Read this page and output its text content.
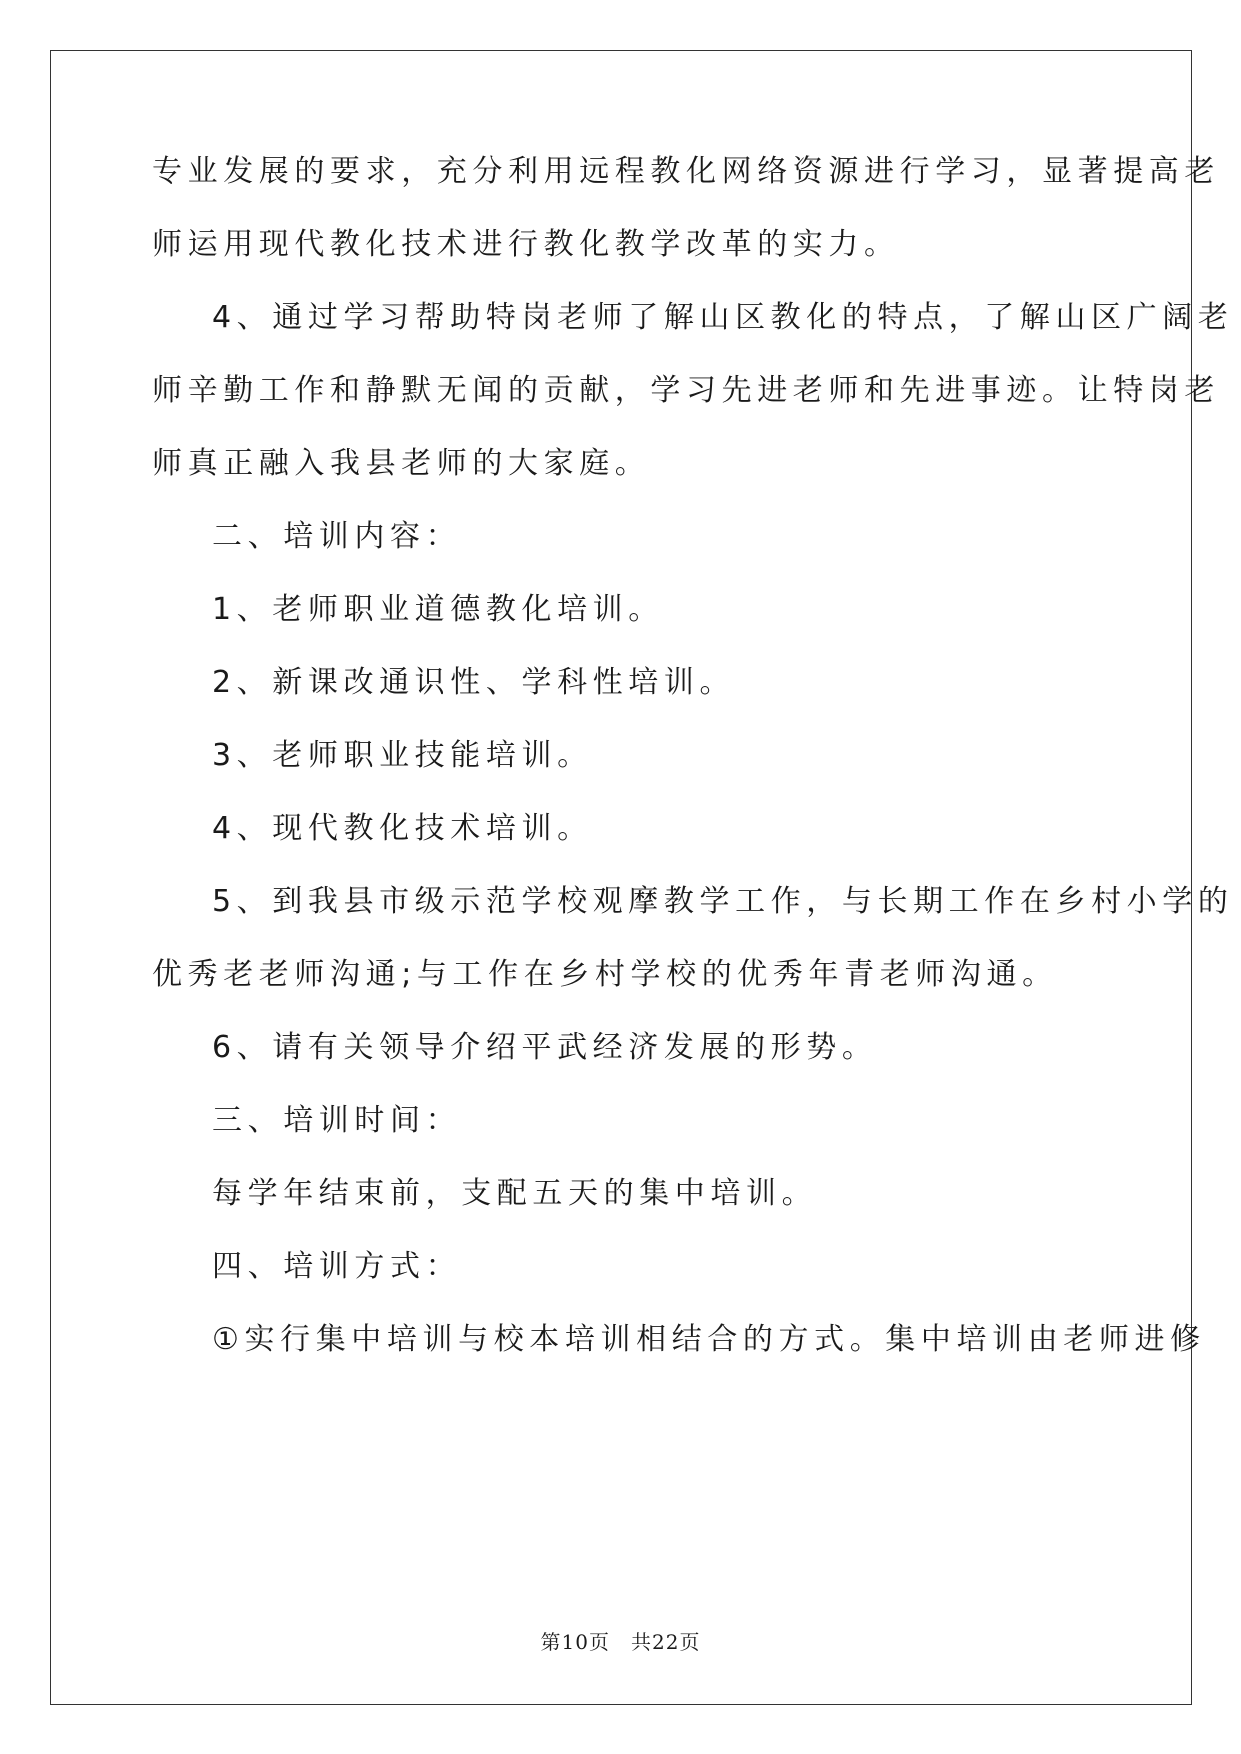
专业发展的要求，充分利用远程教化网络资源进行学习，显著提高老
师运用现代教化技术进行教化教学改革的实力。
4、通过学习帮助特岗老师了解山区教化的特点，了解山区广阔老
师辛勤工作和静默无闻的贡献，学习先进老师和先进事迹。让特岗老
师真正融入我县老师的大家庭。
二、培训内容：
1、老师职业道德教化培训。
2、新课改通识性、学科性培训。
3、老师职业技能培训。
4、现代教化技术培训。
5、到我县市级示范学校观摩教学工作，与长期工作在乡村小学的
优秀老老师沟通;与工作在乡村学校的优秀年青老师沟通。
6、请有关领导介绍平武经济发展的形势。
三、培训时间：
每学年结束前，支配五天的集中培训。
四、培训方式：
①实行集中培训与校本培训相结合的方式。集中培训由老师进修
第10页　共22页
